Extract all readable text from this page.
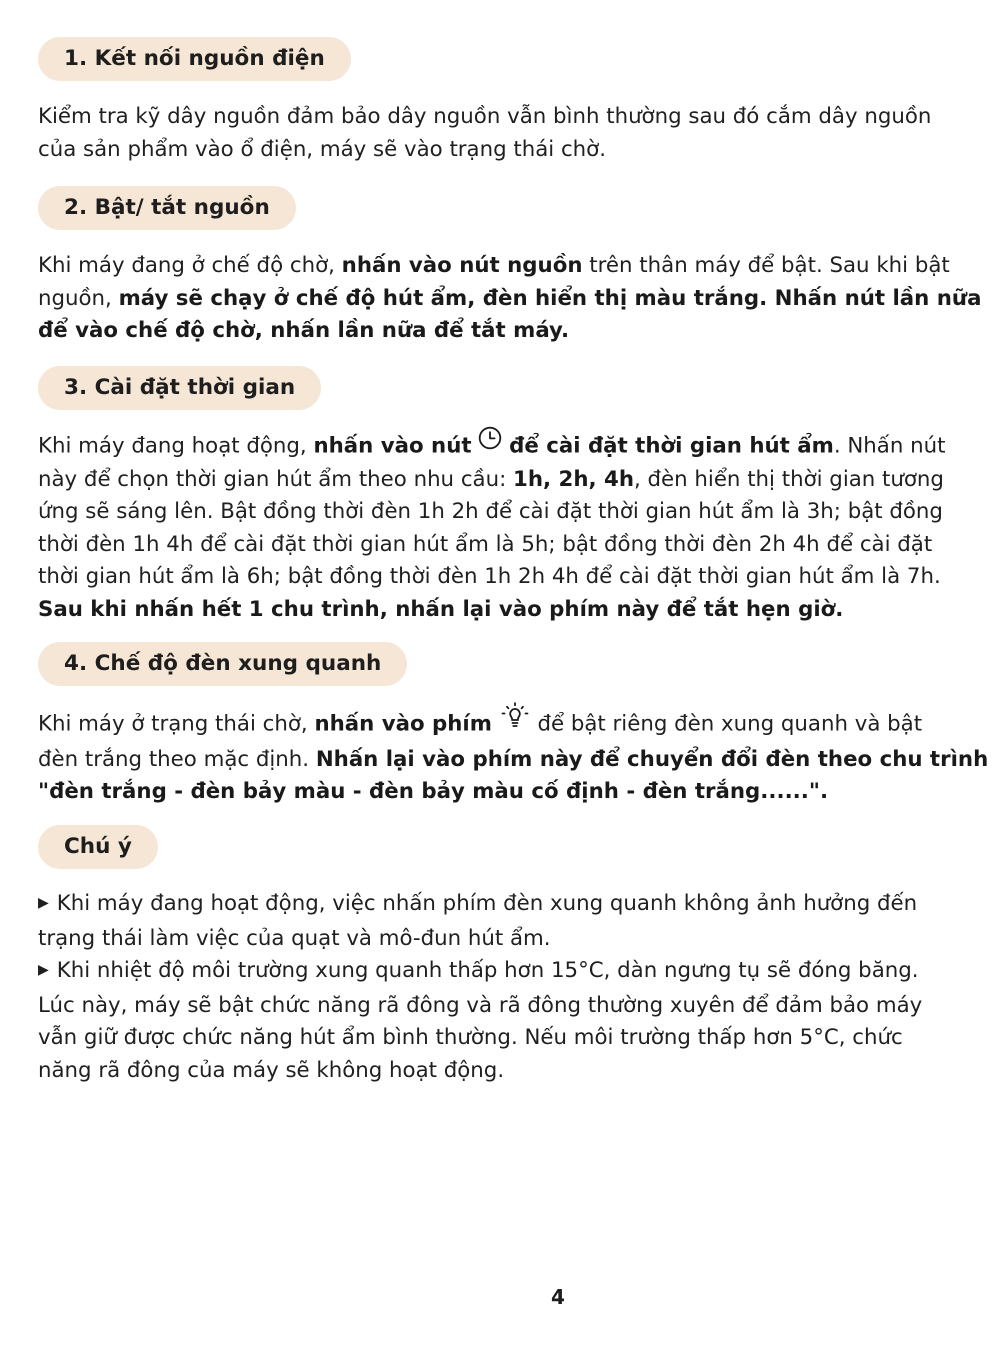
1. Kết nối nguồn điện
Kiểm tra kỹ dây nguồn đảm bảo dây nguồn vẫn bình thường sau đó cắm dây nguồn
của sản phẩm vào ổ điện, máy sẽ vào trạng thái chờ.
2. Bật/ tắt nguồn
Khi máy đang ở chế độ chờ, nhấn vào nút nguồn trên thân máy để bật. Sau khi bật
nguồn, máy sẽ chạy ở chế độ hút ẩm, đèn hiển thị màu trắng. Nhấn nút lần nữa
để vào chế độ chờ, nhấn lần nữa để tắt máy.
3. Cài đặt thời gian
Khi máy đang hoạt động, nhấn vào nút để cài đặt thời gian hút ẩm. Nhấn nút
này để chọn thời gian hút ẩm theo nhu cầu: 1h, 2h, 4h, đèn hiển thị thời gian tương
ứng sẽ sáng lên. Bật đồng thời đèn 1h 2h để cài đặt thời gian hút ẩm là 3h; bật đồng
thời đèn 1h 4h để cài đặt thời gian hút ẩm là 5h; bật đồng thời đèn 2h 4h để cài đặt
thời gian hút ẩm là 6h; bật đồng thời đèn 1h 2h 4h để cài đặt thời gian hút ẩm là 7h.
Sau khi nhấn hết 1 chu trình, nhấn lại vào phím này để tắt hẹn giờ.
4. Chế độ đèn xung quanh
Khi máy ở trạng thái chờ, nhấn vào phím để bật riêng đèn xung quanh và bật
đèn trắng theo mặc định. Nhấn lại vào phím này để chuyển đổi đèn theo chu trình
"đèn trắng - đèn bảy màu - đèn bảy màu cố định - đèn trắng......".
Chú ý
▶ Khi máy đang hoạt động, việc nhấn phím đèn xung quanh không ảnh hưởng đến
trạng thái làm việc của quạt và mô-đun hút ẩm.
▶ Khi nhiệt độ môi trường xung quanh thấp hơn 15°C, dàn ngưng tụ sẽ đóng băng.
Lúc này, máy sẽ bật chức năng rã đông và rã đông thường xuyên để đảm bảo máy
vẫn giữ được chức năng hút ẩm bình thường. Nếu môi trường thấp hơn 5°C, chức
năng rã đông của máy sẽ không hoạt động.
4
